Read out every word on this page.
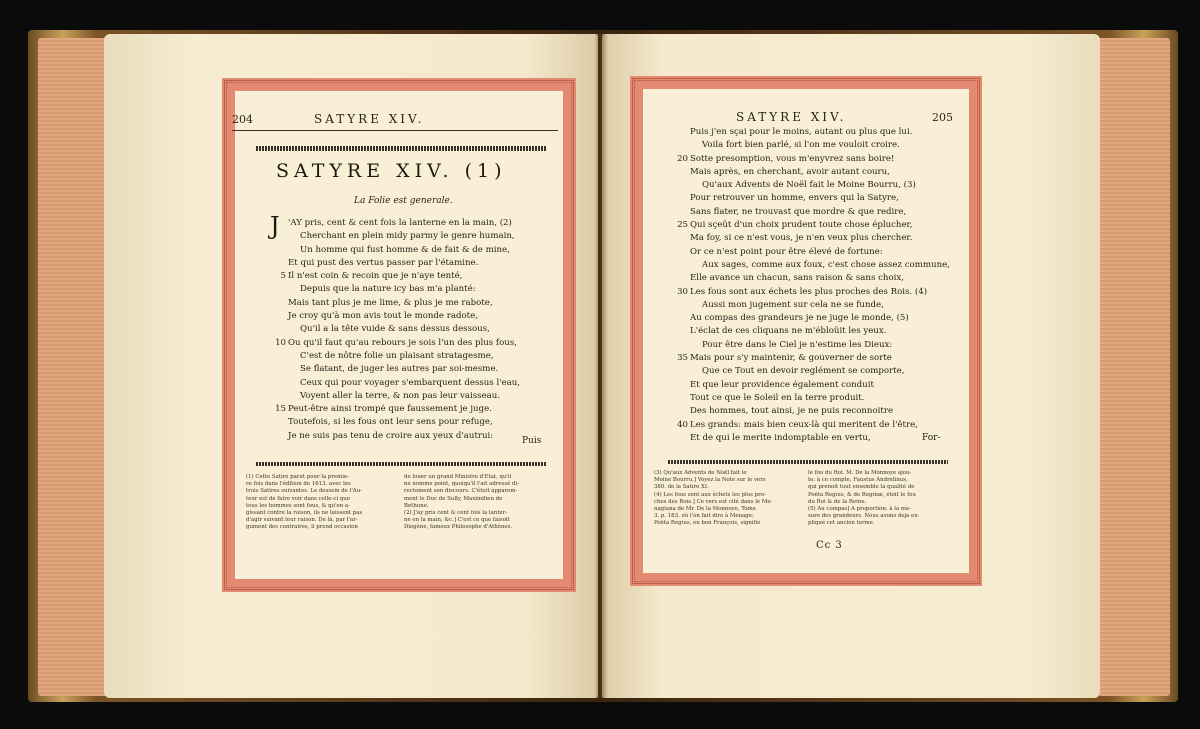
204	SATYRE XIV.
SATYRE XIV. (1)
La Folie est generale.
J 'AY pris, cent & cent fois la lanterne en la main, (2)
Cherchant en plein midy parmy le genre humain,
Un homme qui fust homme & de fait & de mine,
Et qui pust des vertus passer par l'étamine.
5 Il n'est coin & recoin que je n'aye tenté,
Depuis que la nature icy bas m'a planté:
Mais tant plus je me lime, & plus je me rabote,
Je croy qu'à mon avis tout le monde radote,
Qu'il a la tête vuide & sans dessus dessous,
10 Ou qu'il faut qu'au rebours je sois l'un des plus fous,
C'est de nôtre folie un plaisant stratagesme,
Se flatant, de juger les autres par soi-mesme.
Ceux qui pour voyager s'embarquent dessus l'eau,
Voyent aller la terre, & non pas leur vaisseau.
15 Peut-être ainsi trompé que faussement je juge.
Toutefois, si les fous ont leur sens pour refuge,
Je ne suis pas tenu de croire aux yeux d'autrui:
Puis
(1) Cette Satire parut pour la premie-
re fois dans l'édition de 1613. avec les
trois Satires suivantes. Le dessein de l'Au-
teur est de faire voir dans celle-ci que
tous les hommes sont fous, & qu'en a-
gissant contre la raison, ils ne laissent pas
d'agir suivant leur raison. De là, par l'ar-
gument des contraires, il prend occasion
de louer un grand Ministre d'Etat, qu'il
ne nomme point, quoiqu'il l'ait adressé di-
rectement son discours. C'étoit apparem-
ment le Duc de Sully, Maximilien de
Bethune.
(2) J'ay pris cent & cent fois la lanter-
ne en la main, &c.] C'est ce que faisoit
Diogène, fameux Philosophe d'Athènes.
SATYRE XIV.	205
Puis j'en sçai pour le moins, autant ou plus que lui.
Voila fort bien parlé, si l'on me vouloit croire.
20 Sotte presomption, vous m'enyvrez sans boire!
Mais après, en cherchant, avoir autant couru,
Qu'aux Advents de Noël fait le Moine Bourru, (3)
Pour retrouver un homme, envers qui la Satyre,
Sans flater, ne trouvast que mordre & que redire,
25 Qui sçeût d'un choix prudent toute chose éplucher,
Ma foy, si ce n'est vous, je n'en veux plus chercher.
Or ce n'est point pour être élevé de fortune:
Aux sages, comme aux foux, c'est chose assez commune,
Elle avance un chacun, sans raison & sans choix,
30 Les fous sont aux échets les plus proches des Rois. (4)
Aussi mon jugement sur cela ne se funde,
Au compas des grandeurs je ne juge le monde, (5)
L'éclat de ces cliquans ne m'ébloüit les yeux.
Pour être dans le Ciel je n'estime les Dieux:
35 Mais pour s'y maintenir, & gouverner de sorte
Que ce Tout en devoir reglément se comporte,
Et que leur providence également conduit
Tout ce que le Soleil en la terre produit.
Des hommes, tout ainsi, je ne puis reconnoitre
40 Les grands: mais bien ceux-là qui meritent de l'être,
Et de qui le merite indomptable en vertu,	For-
(3) Qu'aux Advents de Noël fait le
Moine Bourru.] Voyez la Note sur le vers
380. de la Satire XI.
(4) Les fous sont aux échets les plus pro-
ches des Rois.] Ce vers est cité dans le Me-
nagiana de Mr. De la Monnoye, Tome
3. p. 183. où l'on fait dire à Menage:
Poëta Regius, en bon François, signifie
le fou du Roi. M. De la Monnoye ajou-
te: à ce compte, Faustus Andrelinus,
qui prenoit tout ensemble la qualité de
Poëta Regius, & de Reginæ, étoit le fou
du Roi & de la Reine.
(5) Au compas] A proportion: à la me-
sure des grandeurs. Nous avons deja ex-
pliqué cet ancien terme.
Cc 3
